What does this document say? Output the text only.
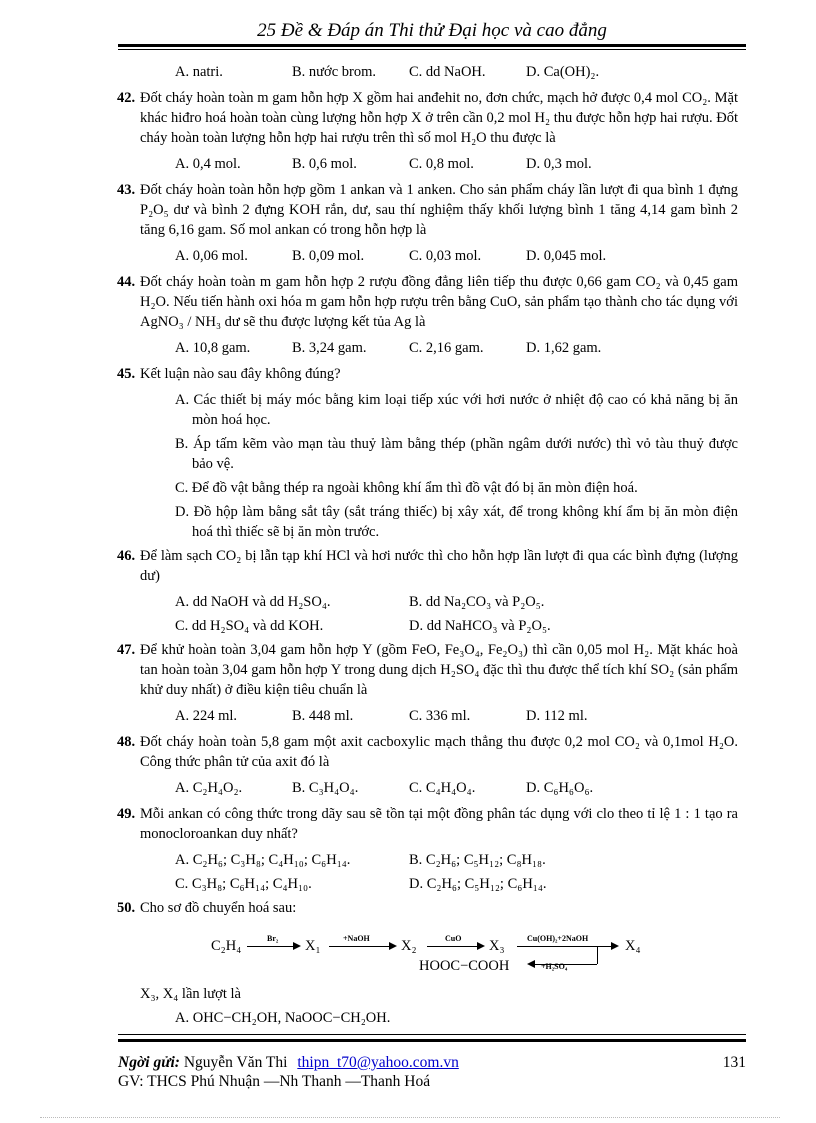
25 Đề & Đáp án Thi thử Đại học và cao đẳng
A. natri.	B. nước brom.	C. dd NaOH.	D. Ca(OH)₂.

42. Đốt cháy hoàn toàn m gam hỗn hợp X gồm hai anđehit no, đơn chức, mạch hở được 0,4 mol CO₂. Mặt khác hiđro hoá hoàn toàn cùng lượng hỗn hợp X ở trên cần 0,2 mol H₂ thu được hỗn hợp hai rượu. Đốt cháy hoàn toàn lượng hỗn hợp hai rượu trên thì số mol H₂O thu được là

A. 0,4 mol.	B. 0,6 mol.	C. 0,8 mol.	D. 0,3 mol.

43. Đốt cháy hoàn toàn hỗn hợp gồm 1 ankan và 1 anken. Cho sản phẩm cháy lần lượt đi qua bình 1 đựng P₂O₅ dư và bình 2 đựng KOH rắn, dư, sau thí nghiệm thấy khối lượng bình 1 tăng 4,14 gam bình 2 tăng 6,16 gam. Số mol ankan có trong hỗn hợp là

A. 0,06 mol.	B. 0,09 mol.	C. 0,03 mol.	D. 0,045 mol.

44. Đốt cháy hoàn toàn m gam hỗn hợp 2 rượu đồng đẳng liên tiếp thu được 0,66 gam CO₂ và 0,45 gam H₂O. Nếu tiến hành oxi hóa m gam hỗn hợp rượu trên bằng CuO, sản phẩm tạo thành cho tác dụng với AgNO₃ / NH₃ dư sẽ thu được lượng kết tủa Ag là

A. 10,8 gam.	B. 3,24 gam.	C. 2,16 gam.	D. 1,62 gam.

45. Kết luận nào sau đây không đúng?

A. Các thiết bị máy móc bằng kim loại tiếp xúc với hơi nước ở nhiệt độ cao có khả năng bị ăn mòn hoá học.

B. Áp tấm kẽm vào mạn tàu thuỷ làm bằng thép (phần ngâm dưới nước) thì vỏ tàu thuỷ được bảo vệ.

C. Để đồ vật bằng thép ra ngoài không khí ẩm thì đồ vật đó bị ăn mòn điện hoá.

D. Đồ hộp làm bằng sắt tây (sắt tráng thiếc) bị xây xát, để trong không khí ẩm bị ăn mòn điện hoá thì thiếc sẽ bị ăn mòn trước.

46. Để làm sạch CO₂ bị lẫn tạp khí HCl và hơi nước thì cho hỗn hợp lần lượt đi qua các bình đựng (lượng dư)

A. dd NaOH và dd H₂SO₄.	B. dd Na₂CO₃ và P₂O₅.
C. dd H₂SO₄ và dd KOH.	D. dd NaHCO₃ và P₂O₅.

47. Để khử hoàn toàn 3,04 gam hỗn hợp Y (gồm FeO, Fe₃O₄, Fe₂O₃) thì cần 0,05 mol H₂. Mặt khác hoà tan hoàn toàn 3,04 gam hỗn hợp Y trong dung dịch H₂SO₄ đặc thì thu được thể tích khí SO₂ (sản phẩm khử duy nhất) ở điều kiện tiêu chuẩn là

A. 224 ml.	B. 448 ml.	C. 336 ml.	D. 112 ml.

48. Đốt cháy hoàn toàn 5,8 gam một axit cacboxylic mạch thẳng thu được 0,2 mol CO₂ và 0,1mol H₂O. Công thức phân tử của axit đó là

A. C₂H₄O₂.	B. C₃H₄O₄.	C. C₄H₄O₄.	D. C₆H₆O₆.

49. Mỗi ankan có công thức trong dãy sau sẽ tồn tại một đồng phân tác dụng với clo theo tỉ lệ 1 : 1 tạo ra monocloroankan duy nhất?

A. C₂H₆; C₃H₈; C₄H₁₀; C₆H₁₄.	B. C₂H₆; C₅H₁₂; C₈H₁₈.
C. C₃H₈; C₆H₁₄; C₄H₁₀.	D. C₂H₆; C₅H₁₂; C₆H₁₄.

50. Cho sơ đồ chuyển hoá sau:

C₂H₄	Br₂ X₁	+NaOH X₂	CuO X₃	Cu(OH)₂+2NaOH	X₄
+H₂SO₄
HOOC−COOH

X₃, X₄ lần lượt là

A. OHC−CH₂OH, NaOOC−CH₂OH.

Ngời gửi: Nguyễn Văn Thi thipn_t70@yahoo.com.vn	131
GV: THCS Phú Nhuận —Nh Thanh —Thanh Hoá
